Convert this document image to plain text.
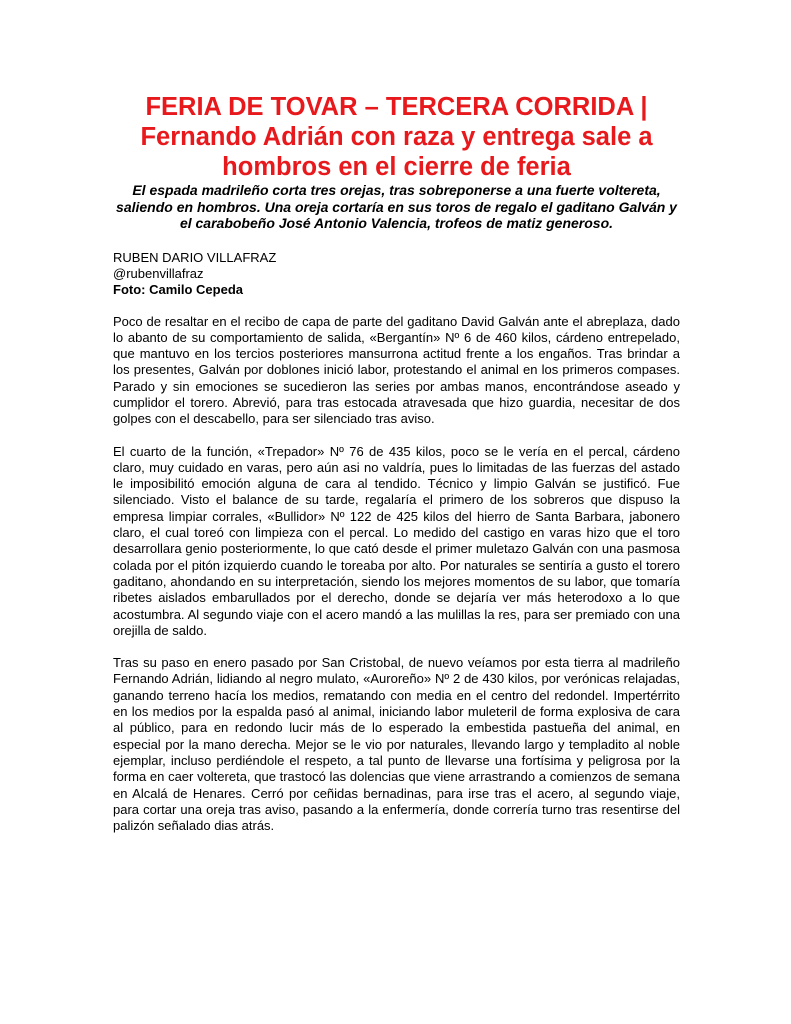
FERIA DE TOVAR – TERCERA CORRIDA | Fernando Adrián con raza y entrega sale a hombros en el cierre de feria

El espada madrileño corta tres orejas, tras sobreponerse a una fuerte voltereta, saliendo en hombros. Una oreja cortaría en sus toros de regalo el gaditano Galván y el carabobeño José Antonio Valencia, trofeos de matiz generoso.

RUBEN DARIO VILLAFRAZ
@rubenvillafraz
Foto: Camilo Cepeda

Poco de resaltar en el recibo de capa de parte del gaditano David Galván ante el abreplaza, dado lo abanto de su comportamiento de salida, «Bergantín» Nº 6 de 460 kilos, cárdeno entrepelado, que mantuvo en los tercios posteriores mansurrona actitud frente a los engaños. Tras brindar a los presentes, Galván por doblones inició labor, protestando el animal en los primeros compases. Parado y sin emociones se sucedieron las series por ambas manos, encontrándose aseado y cumplidor el torero. Abrevió, para tras estocada atravesada que hizo guardia, necesitar de dos golpes con el descabello, para ser silenciado tras aviso.

El cuarto de la función, «Trepador» Nº 76 de 435 kilos, poco se le vería en el percal, cárdeno claro, muy cuidado en varas, pero aún asi no valdría, pues lo limitadas de las fuerzas del astado le imposibilitó emoción alguna de cara al tendido. Técnico y limpio Galván se justificó. Fue silenciado. Visto el balance de su tarde, regalaría el primero de los sobreros que dispuso la empresa limpiar corrales, «Bullidor» Nº 122 de 425 kilos del hierro de Santa Barbara, jabonero claro, el cual toreó con limpieza con el percal. Lo medido del castigo en varas hizo que el toro desarrollara genio posteriormente, lo que cató desde el primer muletazo Galván con una pasmosa colada por el pitón izquierdo cuando le toreaba por alto. Por naturales se sentiría a gusto el torero gaditano, ahondando en su interpretación, siendo los mejores momentos de su labor, que tomaría ribetes aislados embarullados por el derecho, donde se dejaría ver más heterodoxo a lo que acostumbra. Al segundo viaje con el acero mandó a las mulillas la res, para ser premiado con una orejilla de saldo.

Tras su paso en enero pasado por San Cristobal, de nuevo veíamos por esta tierra al madrileño Fernando Adrián, lidiando al negro mulato, «Auroreño» Nº 2 de 430 kilos, por verónicas relajadas, ganando terreno hacía los medios, rematando con media en el centro del redondel. Impertérrito en los medios por la espalda pasó al animal, iniciando labor muleteril de forma explosiva de cara al público, para en redondo lucir más de lo esperado la embestida pastueña del animal, en especial por la mano derecha. Mejor se le vio por naturales, llevando largo y templadito al noble ejemplar, incluso perdiéndole el respeto, a tal punto de llevarse una fortísima y peligrosa por la forma en caer voltereta, que trastocó las dolencias que viene arrastrando a comienzos de semana en Alcalá de Henares. Cerró por ceñidas bernadinas, para irse tras el acero, al segundo viaje, para cortar una oreja tras aviso, pasando a la enfermería, donde correría turno tras resentirse del palizón señalado dias atrás.
